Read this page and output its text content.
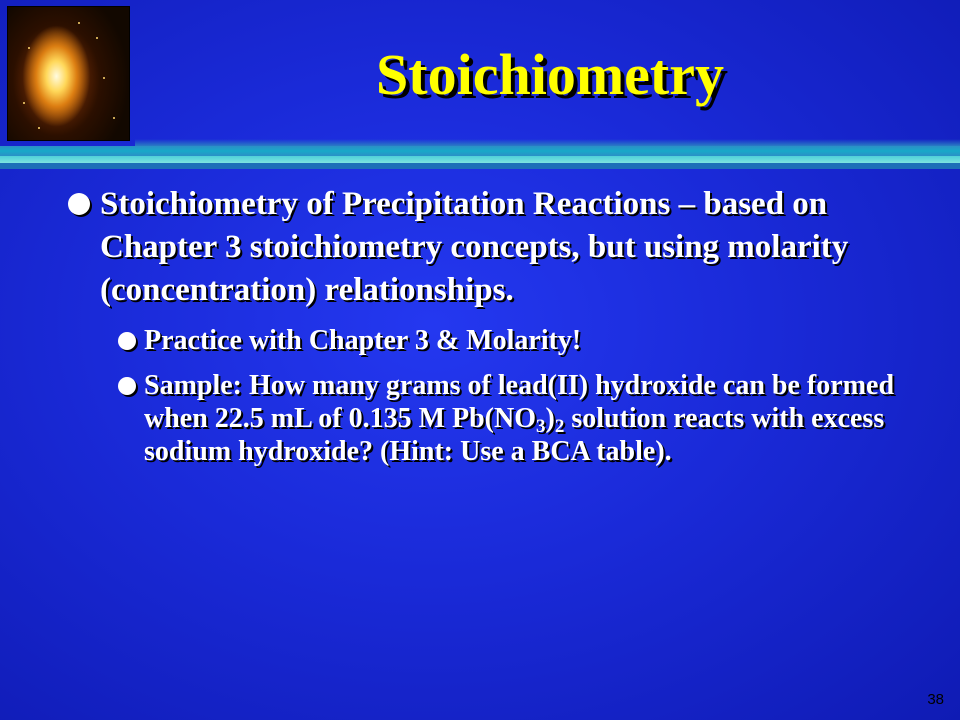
Stoichiometry
Stoichiometry of Precipitation Reactions – based on Chapter 3 stoichiometry concepts, but using molarity (concentration) relationships.
Practice with Chapter 3 & Molarity!
Sample: How many grams of lead(II) hydroxide can be formed when 22.5 mL of 0.135 M $Pb(NO_3)_2$ solution reacts with excess sodium hydroxide? (Hint: Use a BCA table).
38
